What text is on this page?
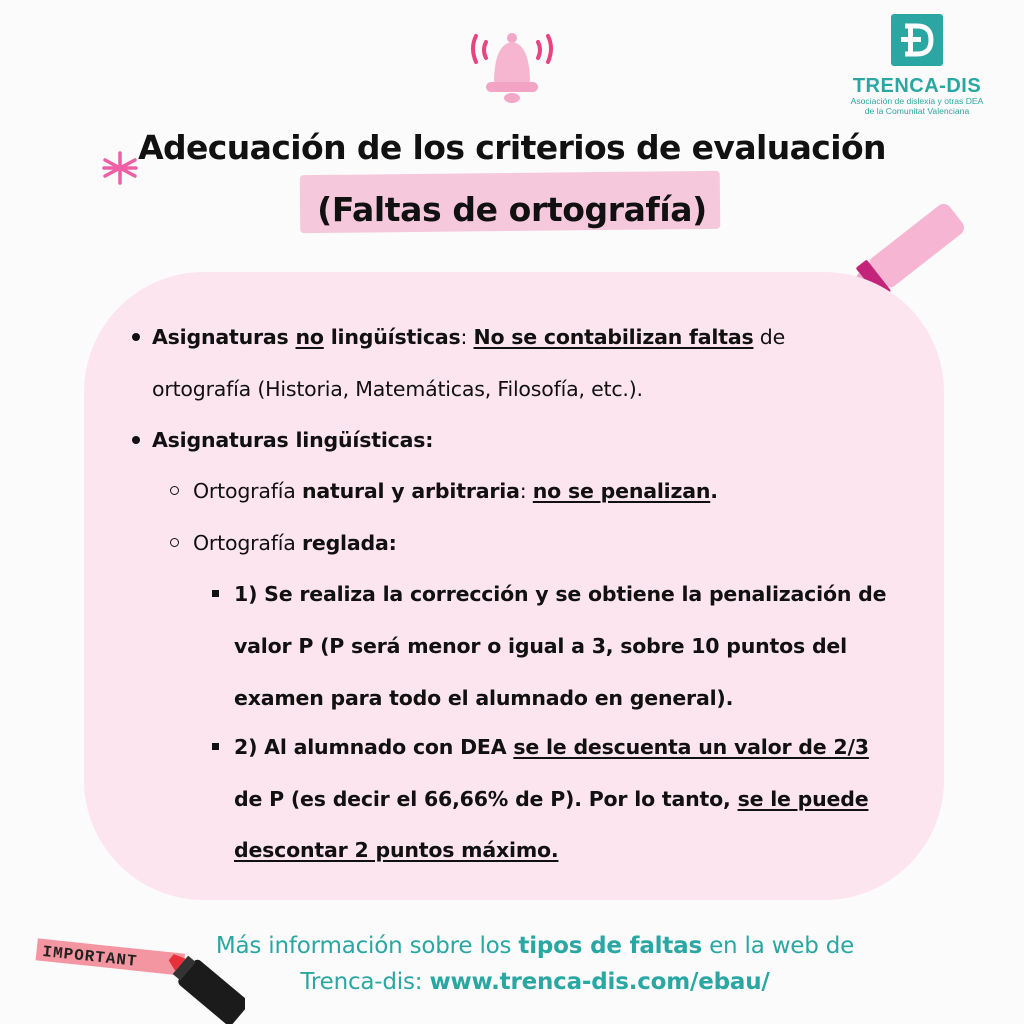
TRENCA-DIS
Asociación de dislexia y otras DEA
de la Comunitat Valenciana
Adecuación de los criterios de evaluación
(Faltas de ortografía)
Asignaturas no lingüísticas: No se contabilizan faltas de
ortografía (Historia, Matemáticas, Filosofía, etc.).
Asignaturas lingüísticas:
Ortografía natural y arbitraria: no se penalizan.
Ortografía reglada:
1) Se realiza la corrección y se obtiene la penalización de
valor P (P será menor o igual a 3, sobre 10 puntos del
examen para todo el alumnado en general).
2) Al alumnado con DEA se le descuenta un valor de 2/3
de P (es decir el 66,66% de P). Por lo tanto, se le puede
descontar 2 puntos máximo.
IMPORTANT	Más información sobre los tipos de faltas en la web de
Trenca-dis: www.trenca-dis.com/ebau/
